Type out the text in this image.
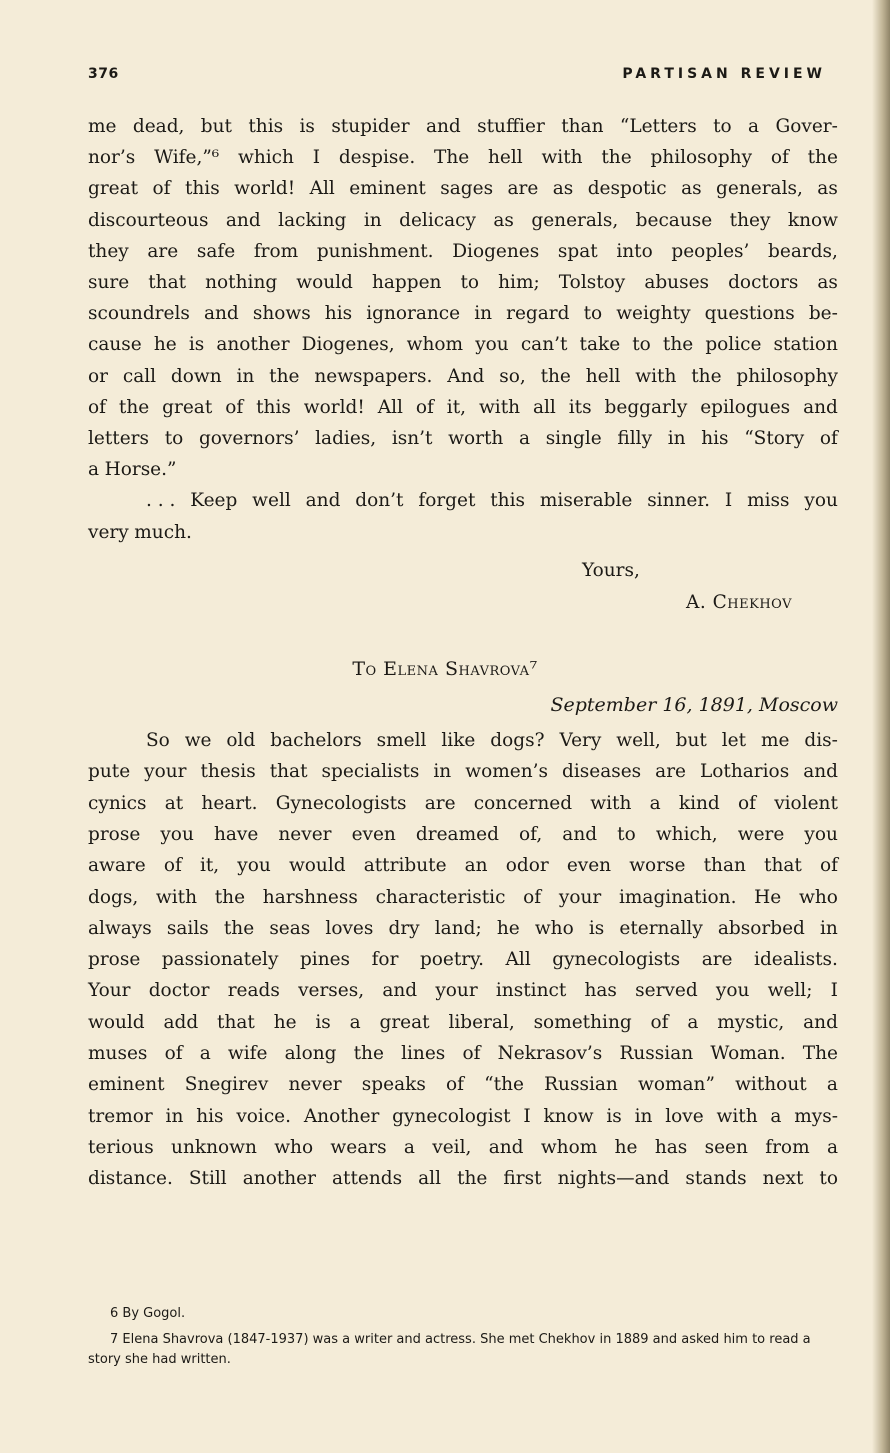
376	PARTISAN REVIEW
me dead, but this is stupider and stuffier than “Letters to a Gover-
nor’s Wife,”⁶ which I despise. The hell with the philosophy of the
great of this world! All eminent sages are as despotic as generals, as
discourteous and lacking in delicacy as generals, because they know
they are safe from punishment. Diogenes spat into peoples’ beards,
sure that nothing would happen to him; Tolstoy abuses doctors as
scoundrels and shows his ignorance in regard to weighty questions be-
cause he is another Diogenes, whom you can’t take to the police station
or call down in the newspapers. And so, the hell with the philosophy
of the great of this world! All of it, with all its beggarly epilogues and
letters to governors’ ladies, isn’t worth a single filly in his “Story of
a Horse.”
. . . Keep well and don’t forget this miserable sinner. I miss you
very much.
Yours,
A. Chekhov
To Elena Shavrova⁷
September 16, 1891, Moscow
So we old bachelors smell like dogs? Very well, but let me dis-
pute your thesis that specialists in women’s diseases are Lotharios and
cynics at heart. Gynecologists are concerned with a kind of violent
prose you have never even dreamed of, and to which, were you
aware of it, you would attribute an odor even worse than that of
dogs, with the harshness characteristic of your imagination. He who
always sails the seas loves dry land; he who is eternally absorbed in
prose passionately pines for poetry. All gynecologists are idealists.
Your doctor reads verses, and your instinct has served you well; I
would add that he is a great liberal, something of a mystic, and
muses of a wife along the lines of Nekrasov’s Russian Woman. The
eminent Snegirev never speaks of “the Russian woman” without a
tremor in his voice. Another gynecologist I know is in love with a mys-
terious unknown who wears a veil, and whom he has seen from a
distance. Still another attends all the first nights—and stands next to
6 By Gogol.
7 Elena Shavrova (1847-1937) was a writer and actress. She met Chekhov in 1889 and asked him to read a story she had written.
